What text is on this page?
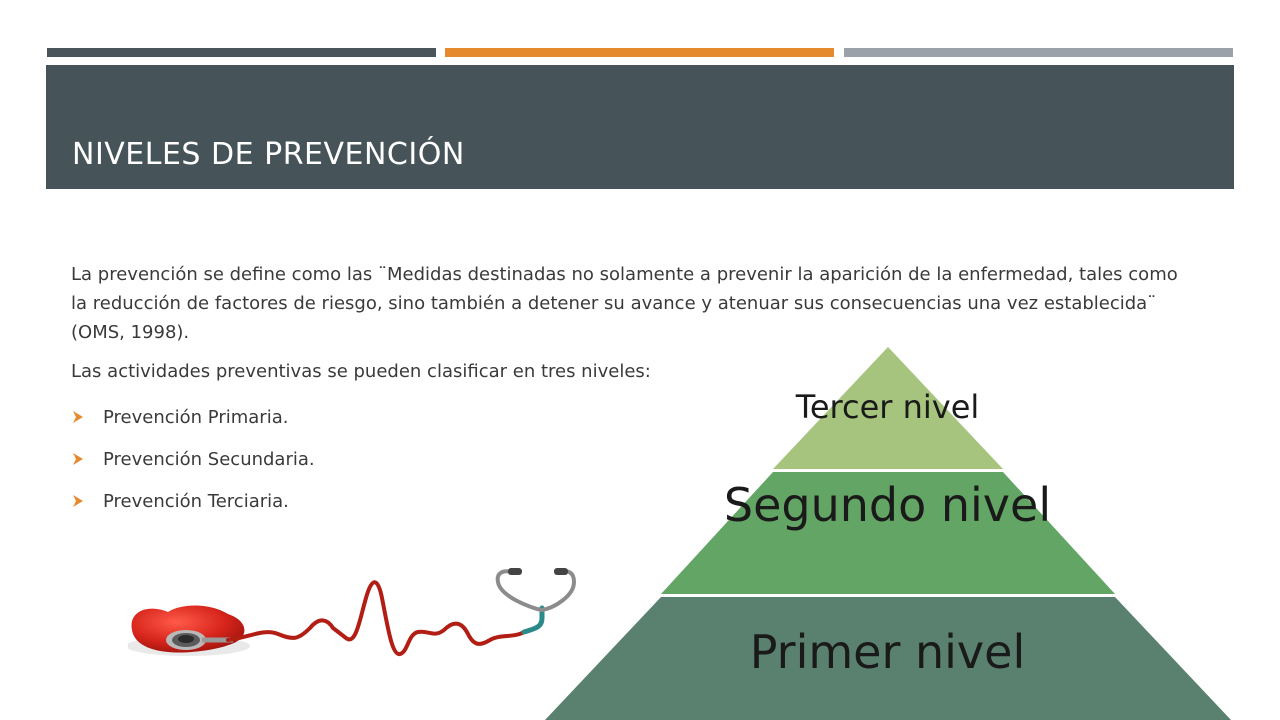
NIVELES DE PREVENCIÓN

La prevención se define como las ¨Medidas destinadas no solamente a prevenir la aparición de la enfermedad, tales como la reducción de factores de riesgo, sino también a detener su avance y atenuar sus consecuencias una vez establecida¨ (OMS, 1998).

Las actividades preventivas se pueden clasificar en tres niveles:

Prevención Primaria.
Prevención Secundaria.
Prevención Terciaria.
Tercer nivel
Segundo nivel
Primer nivel
